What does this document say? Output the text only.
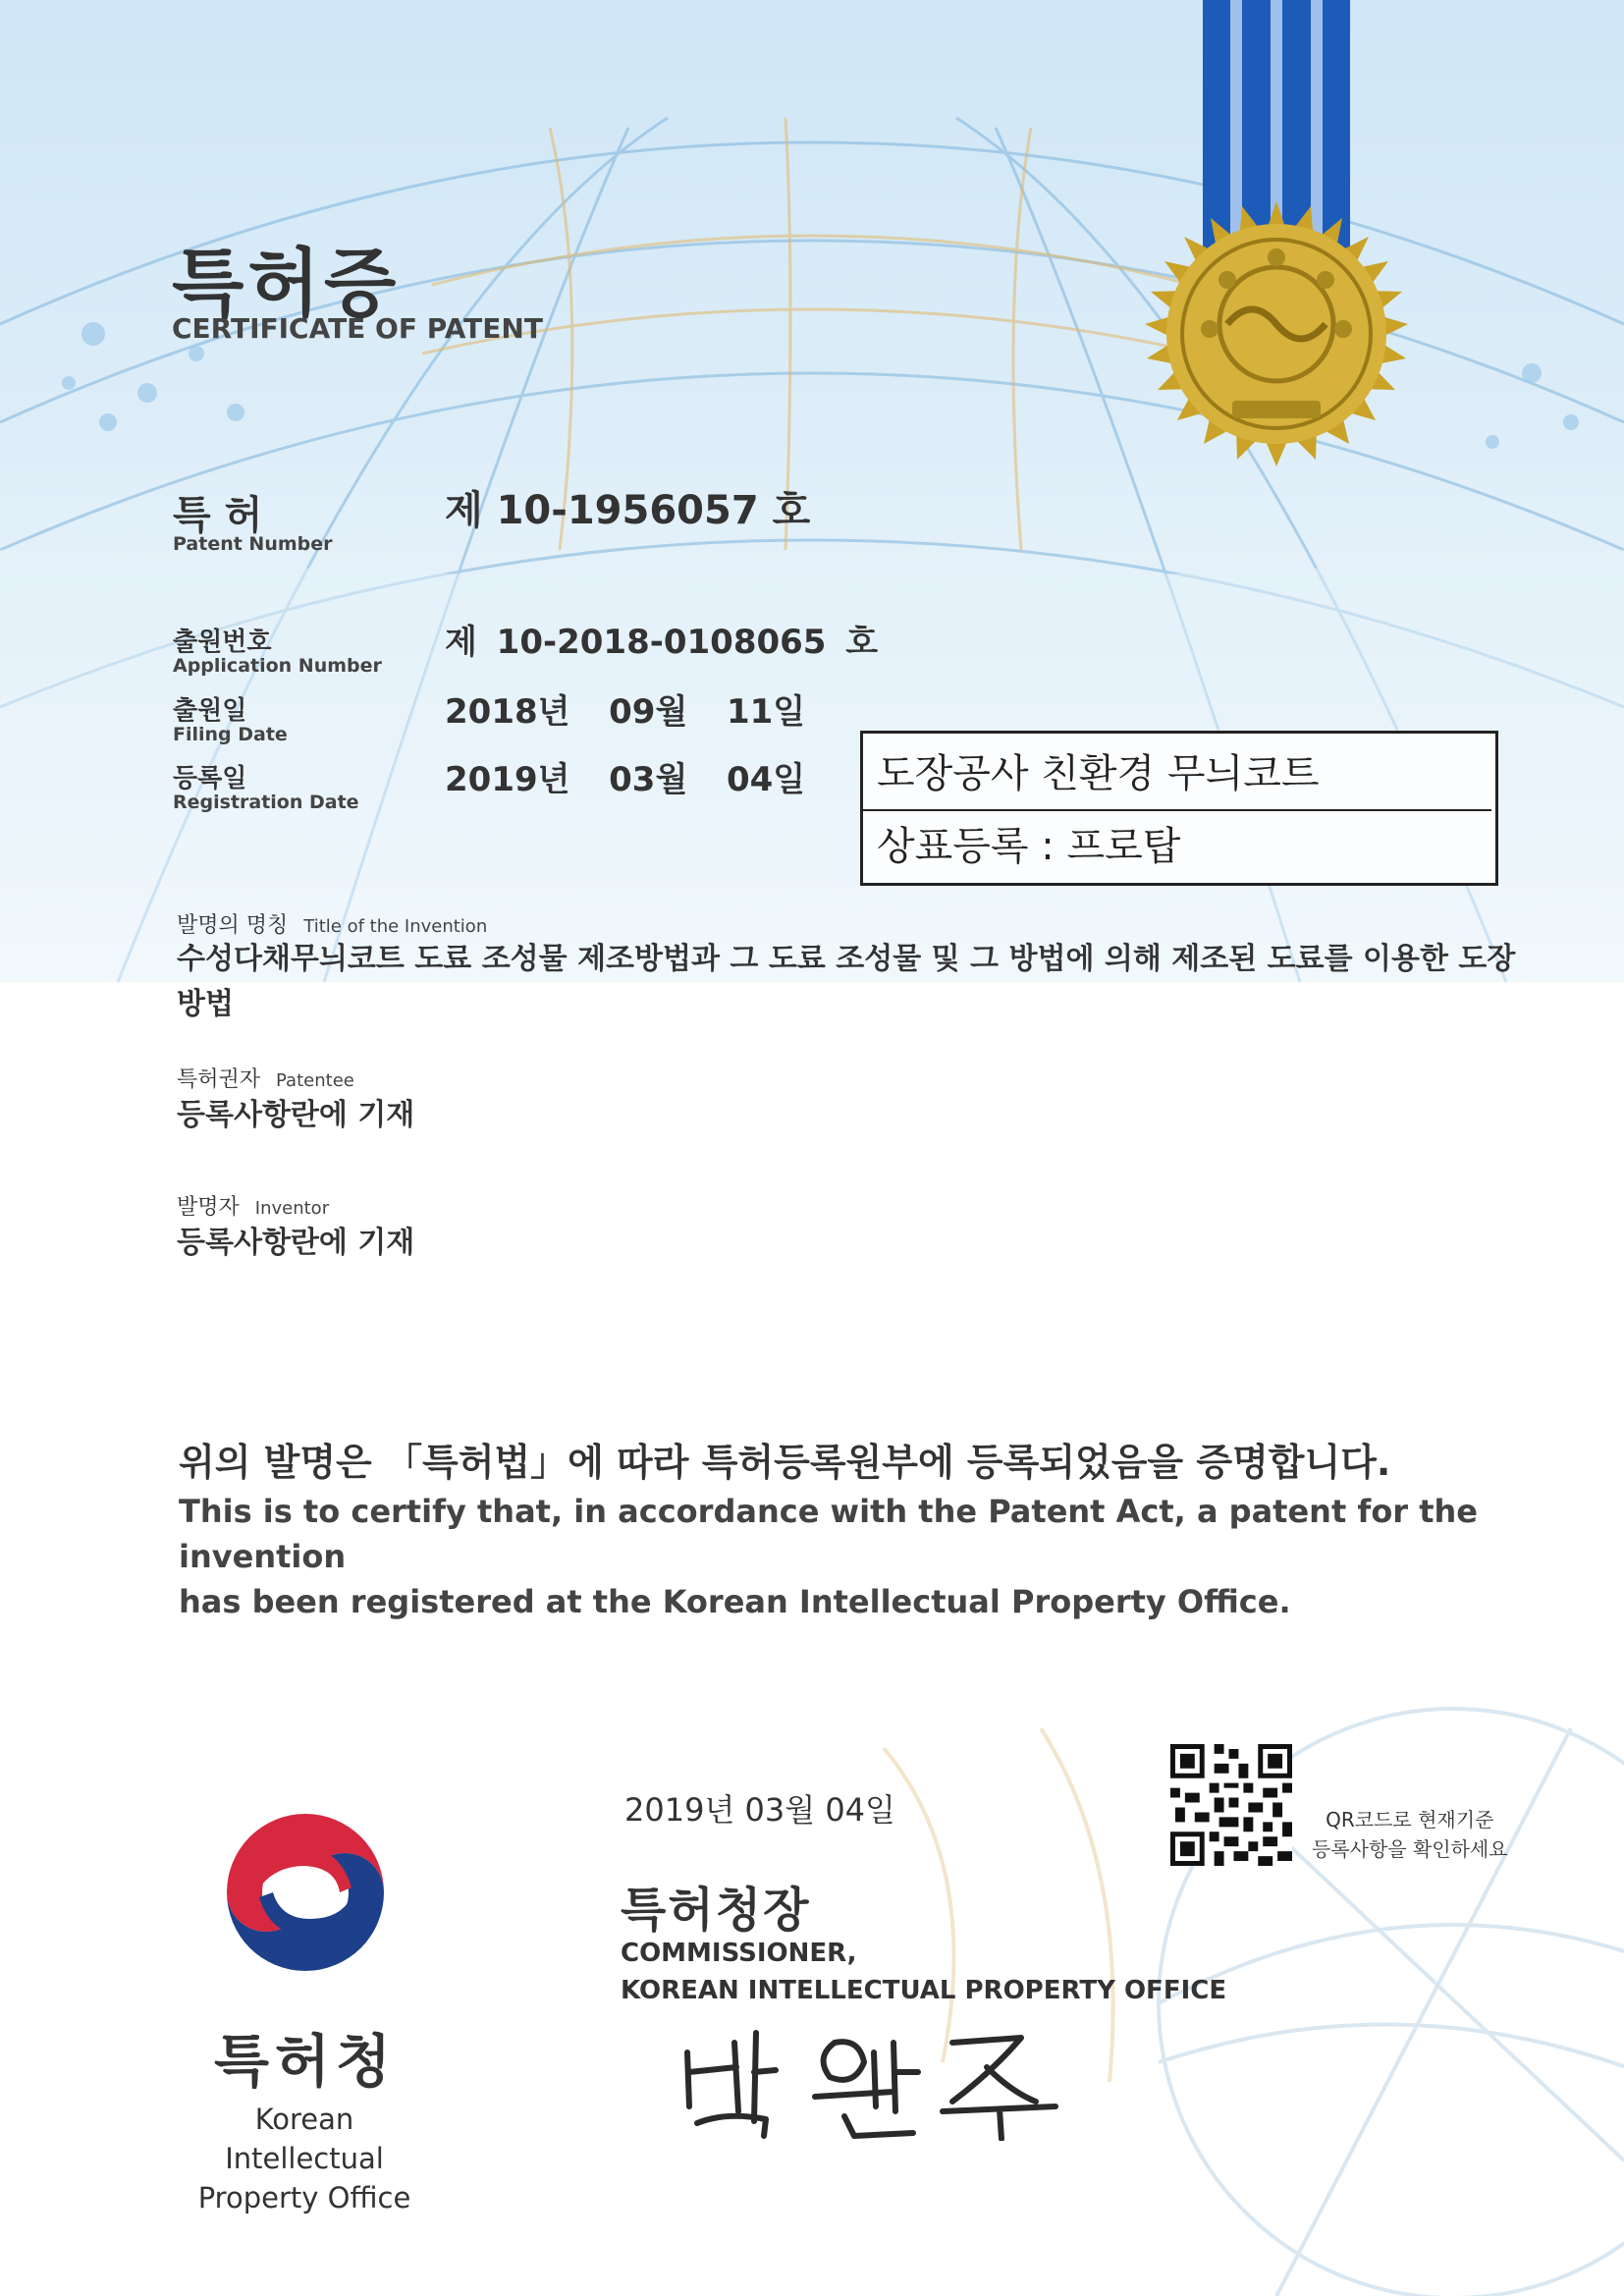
특허증
CERTIFICATE OF PATENT
특 허
Patent Number
제 10-1956057 호
출원번호
Application Number
제 10-2018-0108065 호
출원일
Filing Date
2018년  09월  11일
등록일
Registration Date
2019년  03월  04일 도장공사 친환경 무늬코트
상표등록 : 프로탑
발명의 명칭 Title of the Invention
수성다채무늬코트 도료 조성물 제조방법과 그 도료 조성물 및 그 방법에 의해 제조된 도료를 이용한 도장
방법
특허권자 Patentee
등록사항란에 기재
발명자 Inventor
등록사항란에 기재
위의 발명은 「특허법」에 따라 특허등록원부에 등록되었음을 증명합니다.
This is to certify that, in accordance with the Patent Act, a patent for the invention
has been registered at the Korean Intellectual Property Office.
2019년 03월 04일	QR코드로 현재기준
등록사항을 확인하세요
특허청장
COMMISSIONER,
KOREAN INTELLECTUAL PROPERTY OFFICE
특허청
Korean Intellectual
Property Office
